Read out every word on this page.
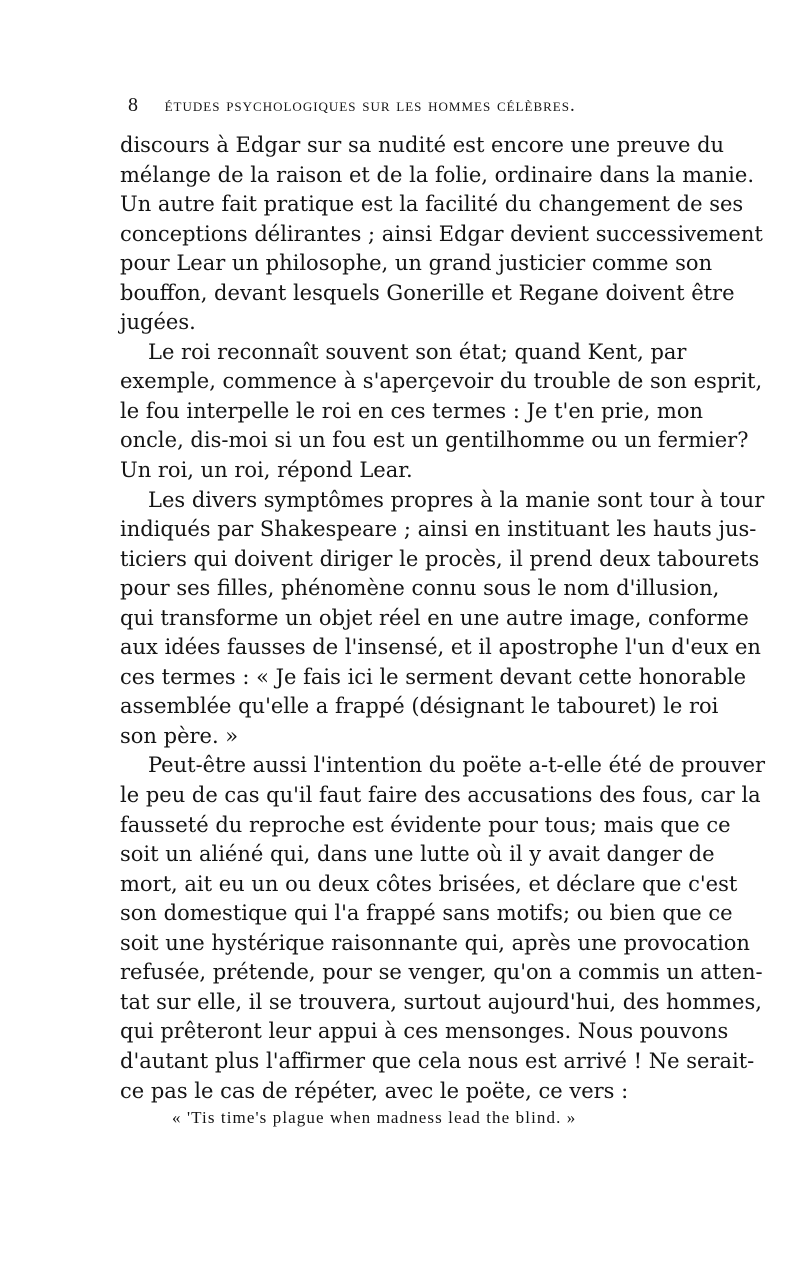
8 études psychologiques sur les hommes célèbres.
discours à Edgar sur sa nudité est encore une preuve du
mélange de la raison et de la folie, ordinaire dans la manie.
Un autre fait pratique est la facilité du changement de ses
conceptions délirantes ; ainsi Edgar devient successivement
pour Lear un philosophe, un grand justicier comme son
bouffon, devant lesquels Gonerille et Regane doivent être
jugées.
Le roi reconnaît souvent son état; quand Kent, par
exemple, commence à s'aperçevoir du trouble de son esprit,
le fou interpelle le roi en ces termes : Je t'en prie, mon
oncle, dis-moi si un fou est un gentilhomme ou un fermier?
Un roi, un roi, répond Lear.
Les divers symptômes propres à la manie sont tour à tour
indiqués par Shakespeare ; ainsi en instituant les hauts jus-
ticiers qui doivent diriger le procès, il prend deux tabourets
pour ses filles, phénomène connu sous le nom d'illusion,
qui transforme un objet réel en une autre image, conforme
aux idées fausses de l'insensé, et il apostrophe l'un d'eux en
ces termes : « Je fais ici le serment devant cette honorable
assemblée qu'elle a frappé (désignant le tabouret) le roi
son père. »
Peut-être aussi l'intention du poëte a-t-elle été de prouver
le peu de cas qu'il faut faire des accusations des fous, car la
fausseté du reproche est évidente pour tous; mais que ce
soit un aliéné qui, dans une lutte où il y avait danger de
mort, ait eu un ou deux côtes brisées, et déclare que c'est
son domestique qui l'a frappé sans motifs; ou bien que ce
soit une hystérique raisonnante qui, après une provocation
refusée, prétende, pour se venger, qu'on a commis un atten-
tat sur elle, il se trouvera, surtout aujourd'hui, des hommes,
qui prêteront leur appui à ces mensonges. Nous pouvons
d'autant plus l'affirmer que cela nous est arrivé ! Ne serait-
ce pas le cas de répéter, avec le poëte, ce vers :
« 'Tis time's plague when madness lead the blind. »
